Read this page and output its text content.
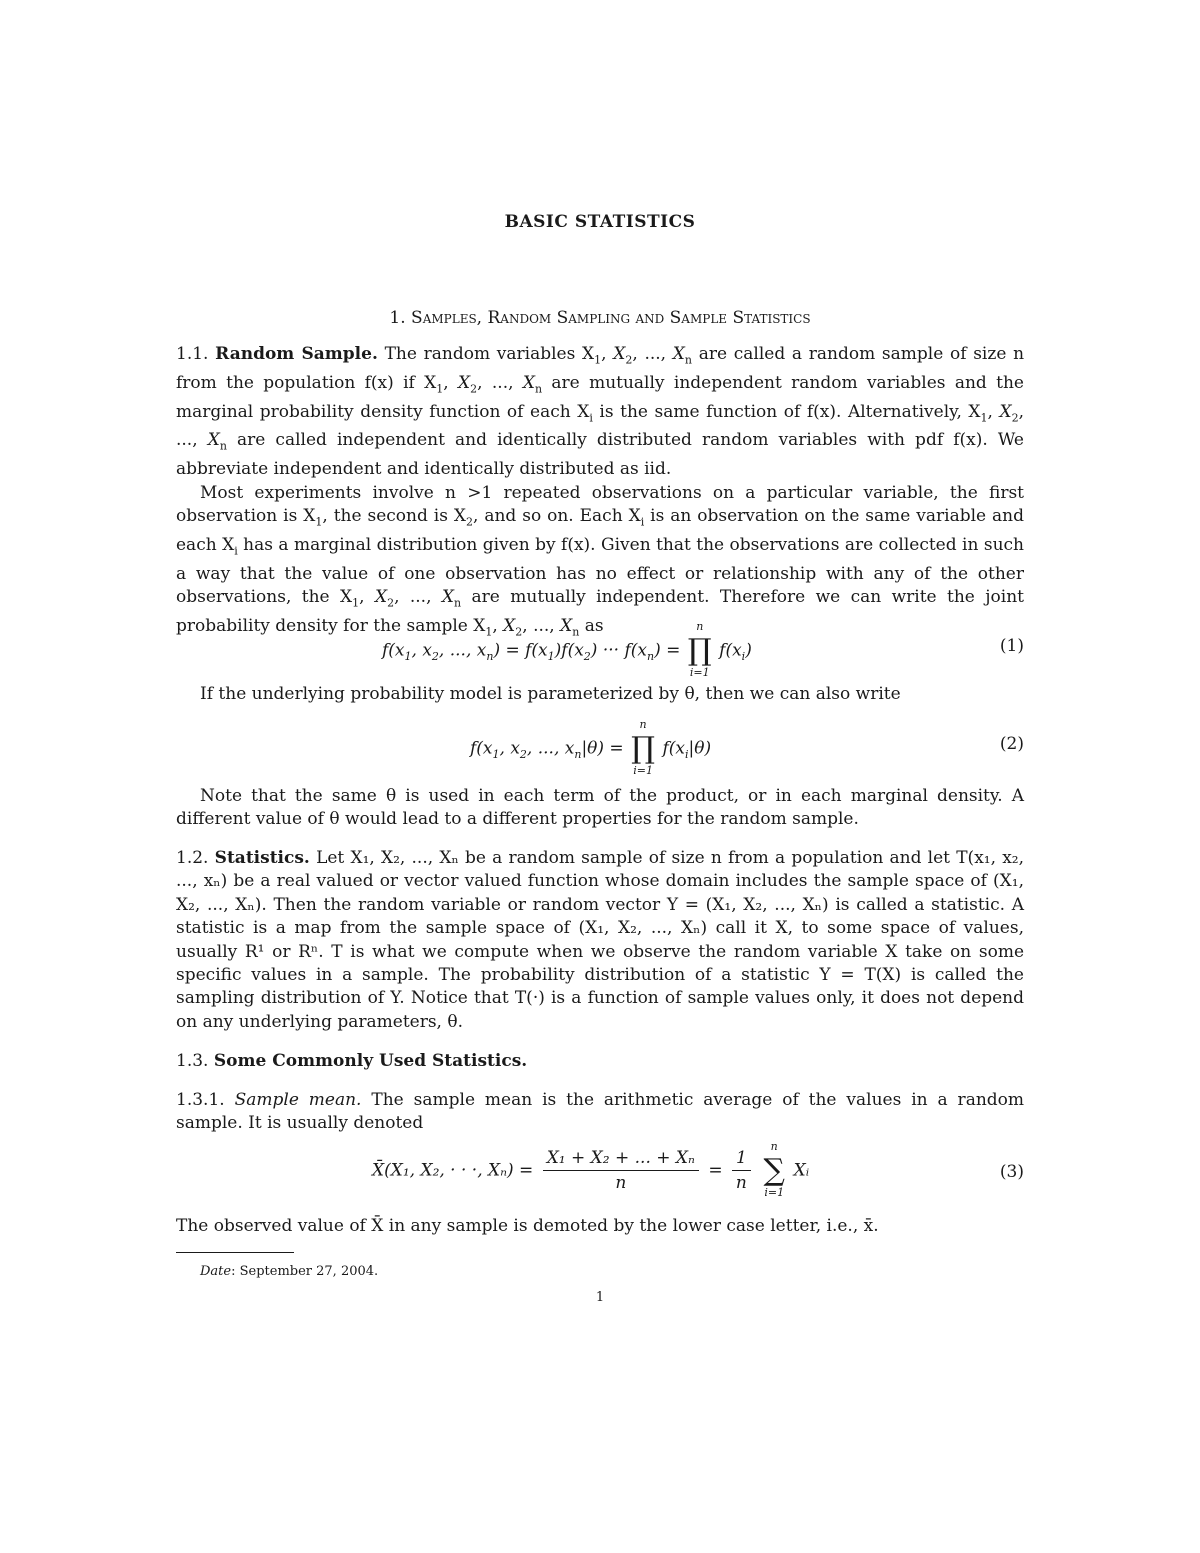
BASIC STATISTICS
1. Samples, Random Sampling and Sample Statistics

1.1. Random Sample. The random variables $X_1$, $X_2$, ..., $X_n$ are called a random sample of size n from the population f(x) if $X_1$, $X_2$, ..., $X_n$ are mutually independent random variables and the marginal probability density function of each $X_i$ is the same function of f(x). Alternatively, $X_1$, $X_2$, ..., $X_n$ are called independent and identically distributed random variables with pdf f(x). We abbreviate independent and identically distributed as iid.

Most experiments involve n >1 repeated observations on a particular variable, the first observation is $X_1$, the second is $X_2$, and so on. Each $X_i$ is an observation on the same variable and each $X_i$ has a marginal distribution given by f(x). Given that the observations are collected in such a way that the value of one observation has no effect or relationship with any of the other observations, the $X_1$, $X_2$, ..., $X_n$ are mutually independent. Therefore we can write the joint probability density for the sample $X_1$, $X_2$, ..., $X_n$ as

$f(x_1$, $x_2$, ..., $x_n) = f(x_1)f(x_2)$ ··· $f(x_n)$ =
n
∏
i=1
$f(x_i)$	(1)

If the underlying probability model is parameterized by θ, then we can also write

$f(x_1$, $x_2$, ..., $x_n|\theta$) =
n
∏
i=1
$f(x_i|\theta)$	(2)

Note that the same θ is used in each term of the product, or in each marginal density. A different value of θ would lead to a different properties for the random sample.

1.2. Statistics. Let X₁, X₂, ..., Xₙ be a random sample of size n from a population and let T(x₁, x₂, ..., xₙ) be a real valued or vector valued function whose domain includes the sample space of (X₁, X₂, ..., Xₙ). Then the random variable or random vector Y = (X₁, X₂, ..., Xₙ) is called a statistic. A statistic is a map from the sample space of (X₁, X₂, ..., Xₙ) call it X, to some space of values, usually R¹ or Rⁿ. T is what we compute when we observe the random variable X take on some specific values in a sample. The probability distribution of a statistic Y = T(X) is called the sampling distribution of Y. Notice that T(·) is a function of sample values only, it does not depend on any underlying parameters, θ.

1.3. Some Commonly Used Statistics.

1.3.1. Sample mean. The sample mean is the arithmetic average of the values in a random sample. It is usually denoted

X̄(X₁, X₂, · · ·, $X_n) = \frac{\text{X₁ + X₂ + ... + Xₙ}}{n} = \frac{1}{n}$

n
∑
i=1
Xᵢ	(3)

The observed value of X̄ in any sample is demoted by the lower case letter, i.e., x̄.

Date: September 27, 2004.
1
